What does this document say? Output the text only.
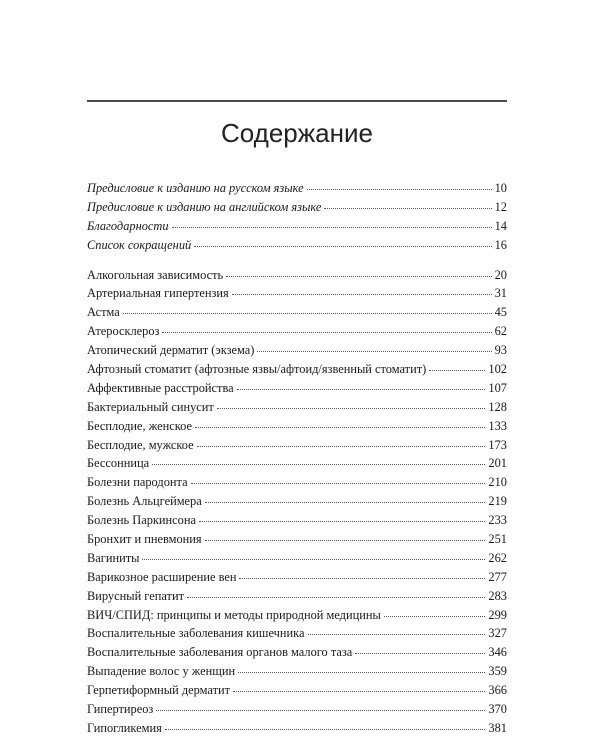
Содержание
Предисловие к изданию на русском языке	10
Предисловие к изданию на английском языке	12
Благодарности	14
Список сокращений	16
Алкогольная зависимость	20
Артериальная гипертензия	31
Астма	45
Атеросклероз	62
Атопический дерматит (экзема)	93
Афтозный стоматит (афтозные язвы/афтоид/язвенный стоматит)	102
Аффективные расстройства	107
Бактериальный синусит	128
Бесплодие, женское	133
Бесплодие, мужское	173
Бессонница	201
Болезни пародонта	210
Болезнь Альцгеймера	219
Болезнь Паркинсона	233
Бронхит и пневмония	251
Вагиниты	262
Варикозное расширение вен	277
Вирусный гепатит	283
ВИЧ/СПИД: принципы и методы природной медицины	299
Воспалительные заболевания кишечника	327
Воспалительные заболевания органов малого таза	346
Выпадение волос у женщин	359
Герпетиформный дерматит	366
Гипертиреоз	370
Гипогликемия	381
